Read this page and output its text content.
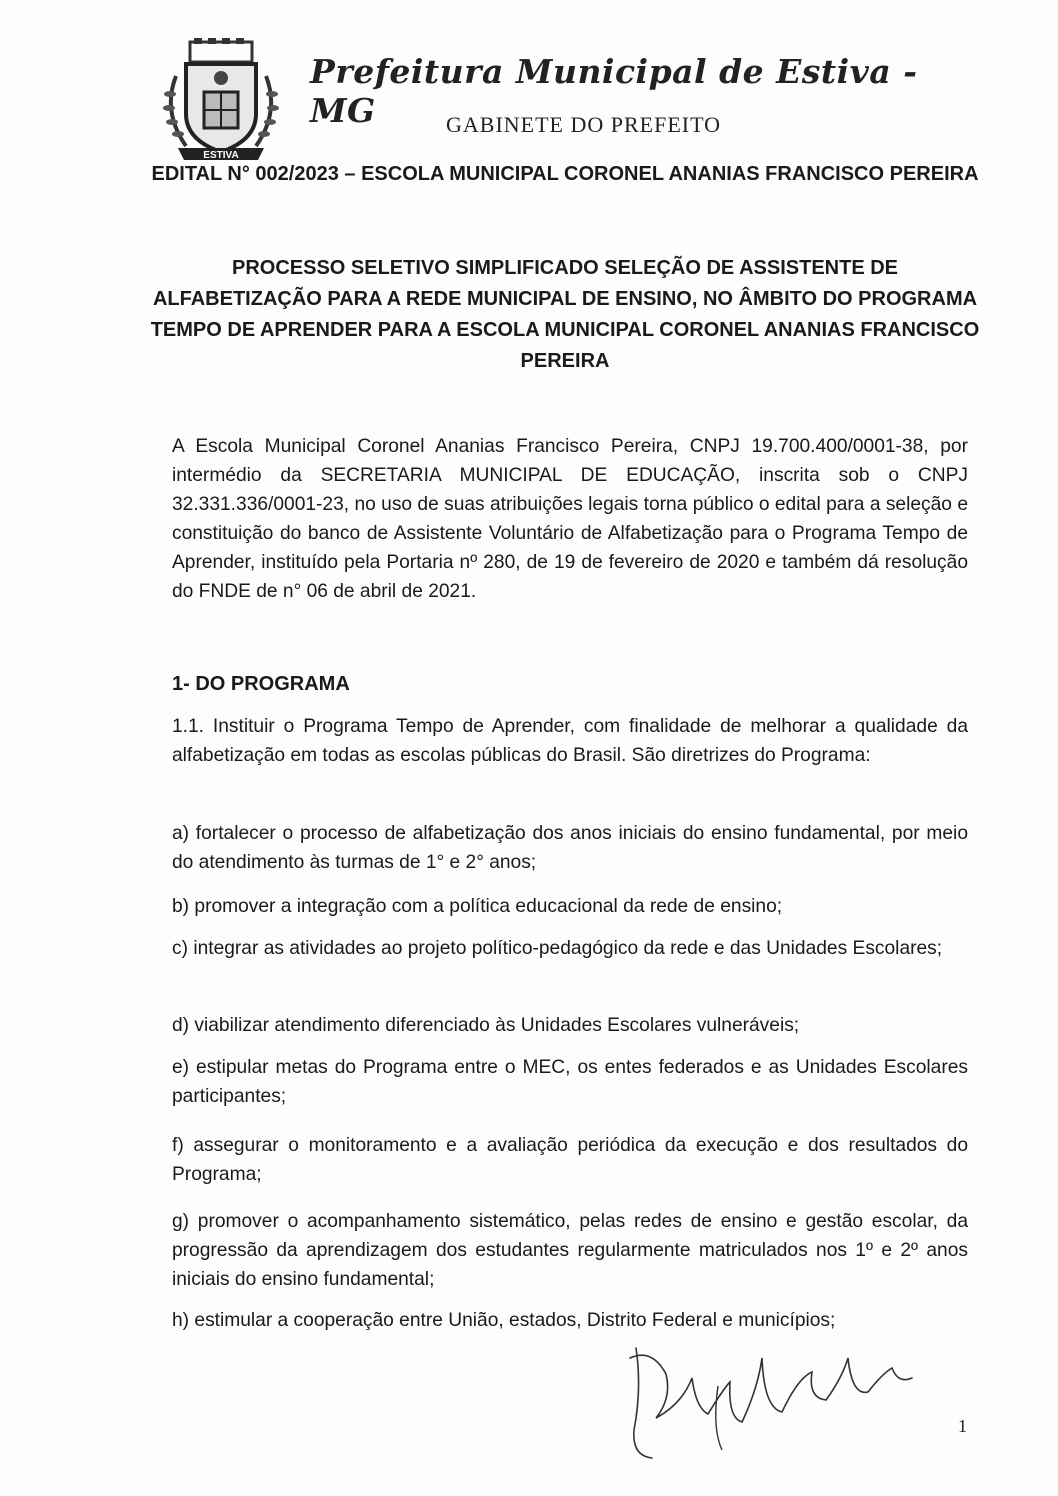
ESTIVA
Prefeitura Municipal de Estiva - MG	GABINETE DO PREFEITO
EDITAL N° 002/2023 – ESCOLA MUNICIPAL CORONEL ANANIAS FRANCISCO PEREIRA
PROCESSO SELETIVO SIMPLIFICADO SELEÇÃO DE ASSISTENTE DE ALFABETIZAÇÃO PARA A REDE MUNICIPAL DE ENSINO, NO ÂMBITO DO PROGRAMA TEMPO DE APRENDER PARA A ESCOLA MUNICIPAL CORONEL ANANIAS FRANCISCO PEREIRA
A Escola Municipal Coronel Ananias Francisco Pereira, CNPJ 19.700.400/0001-38, por intermédio da SECRETARIA MUNICIPAL DE EDUCAÇÃO, inscrita sob o CNPJ 32.331.336/0001-23, no uso de suas atribuições legais torna público o edital para a seleção e constituição do banco de Assistente Voluntário de Alfabetização para o Programa Tempo de Aprender, instituído pela Portaria nº 280, de 19 de fevereiro de 2020 e também dá resolução do FNDE de n° 06 de abril de 2021.
1- DO PROGRAMA
1.1. Instituir o Programa Tempo de Aprender, com finalidade de melhorar a qualidade da alfabetização em todas as escolas públicas do Brasil. São diretrizes do Programa:
a) fortalecer o processo de alfabetização dos anos iniciais do ensino fundamental, por meio do atendimento às turmas de 1° e 2° anos;
b) promover a integração com a política educacional da rede de ensino;
c) integrar as atividades ao projeto político-pedagógico da rede e das Unidades Escolares;
d) viabilizar atendimento diferenciado às Unidades Escolares vulneráveis;
e) estipular metas do Programa entre o MEC, os entes federados e as Unidades Escolares participantes;
f) assegurar o monitoramento e a avaliação periódica da execução e dos resultados do Programa;
g) promover o acompanhamento sistemático, pelas redes de ensino e gestão escolar, da progressão da aprendizagem dos estudantes regularmente matriculados nos 1º e 2º anos iniciais do ensino fundamental;
h) estimular a cooperação entre União, estados, Distrito Federal e municípios;
1
